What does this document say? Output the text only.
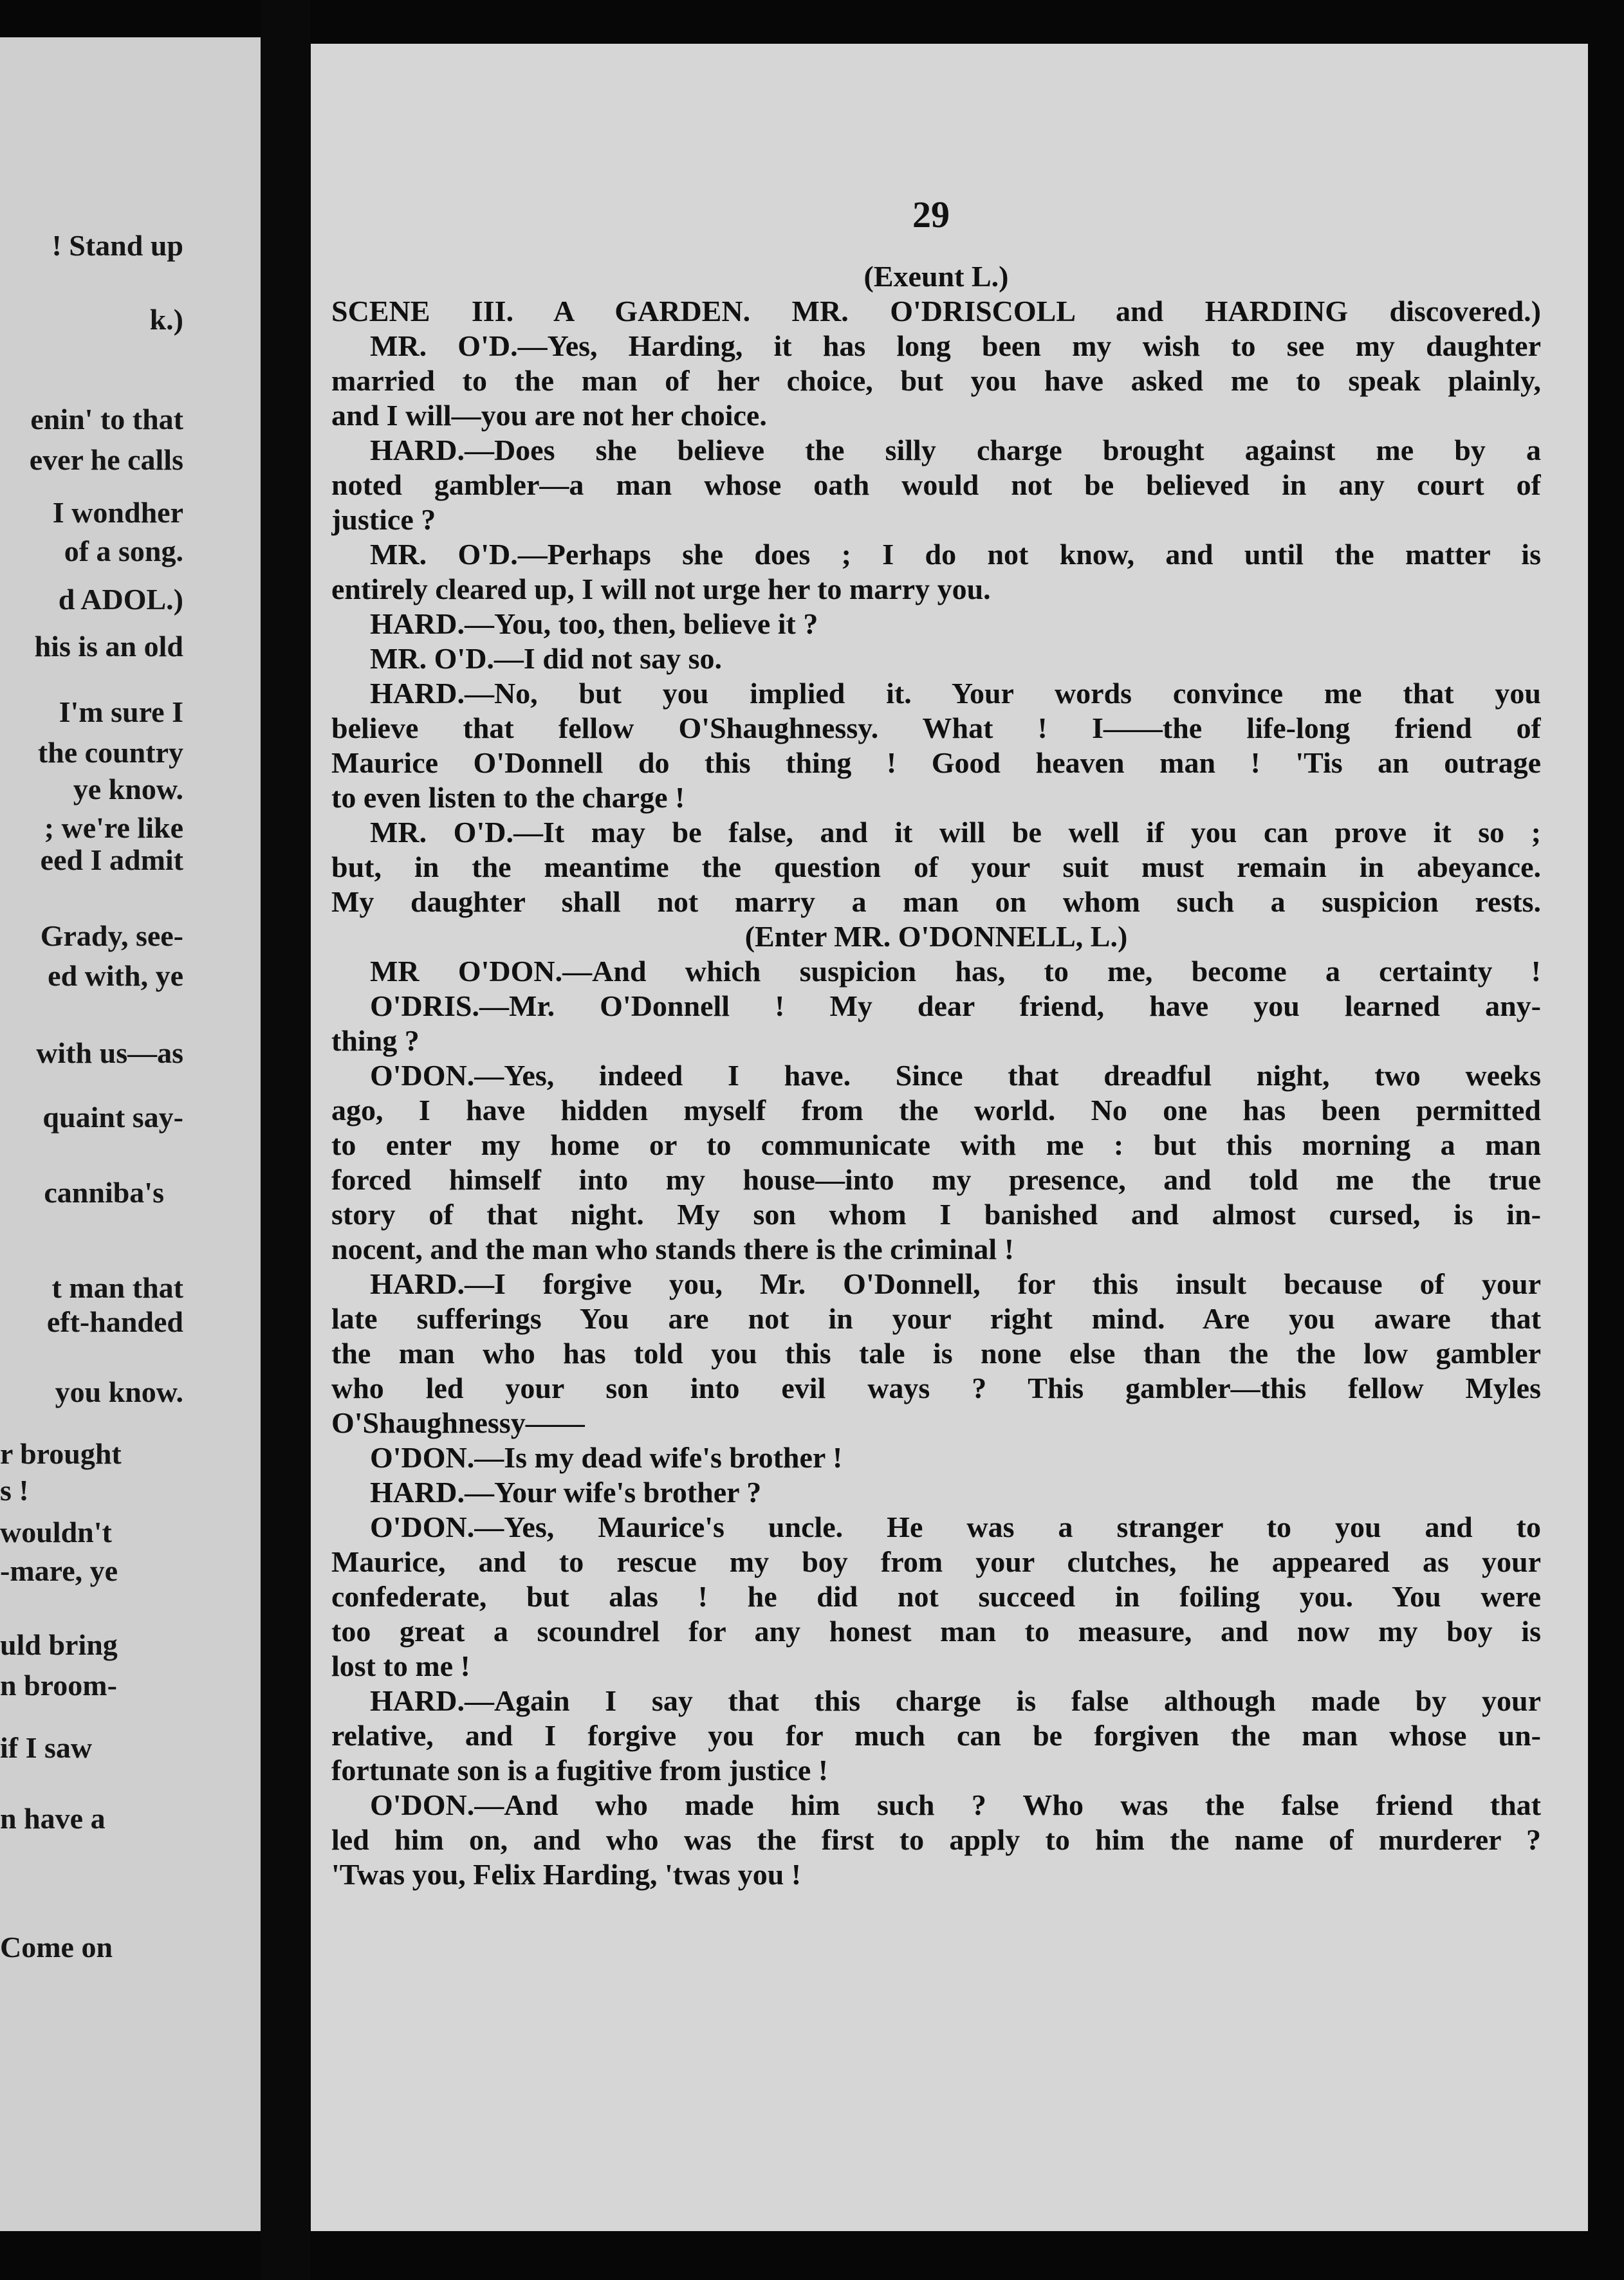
! Stand up
k.)
enin' to that
ever he calls
I wondher
of a song.
d ADOL.)
his is an old
I'm sure I
the country
ye know.
; we're like
eed I admit
Grady, see-
ed with, ye
with us—as
quaint say-
canniba's
t man that
eft-handed
you know.
r brought
s !
wouldn't
-mare, ye
uld bring
n broom-
if I saw
n have a
Come on
29
(Exeunt L.)
SCENE III. A GARDEN. MR. O'DRISCOLL and HARDING discovered.)
MR. O'D.—Yes, Harding, it has long been my wish to see my daughter
married to the man of her choice, but you have asked me to speak plainly,
and I will—you are not her choice.
HARD.—Does she believe the silly charge brought against me by a
noted gambler—a man whose oath would not be believed in any court of
justice ?
MR. O'D.—Perhaps she does ; I do not know, and until the matter is
entirely cleared up, I will not urge her to marry you.
HARD.—You, too, then, believe it ?
MR. O'D.—I did not say so.
HARD.—No, but you implied it. Your words convince me that you
believe that fellow O'Shaughnessy. What ! I——the life-long friend of
Maurice O'Donnell do this thing ! Good heaven man ! 'Tis an outrage
to even listen to the charge !
MR. O'D.—It may be false, and it will be well if you can prove it so ;
but, in the meantime the question of your suit must remain in abeyance.
My daughter shall not marry a man on whom such a suspicion rests.
(Enter MR. O'DONNELL, L.)
MR O'DON.—And which suspicion has, to me, become a certainty !
O'DRIS.—Mr. O'Donnell ! My dear friend, have you learned any-
thing ?
O'DON.—Yes, indeed I have. Since that dreadful night, two weeks
ago, I have hidden myself from the world. No one has been permitted
to enter my home or to communicate with me : but this morning a man
forced himself into my house—into my presence, and told me the true
story of that night. My son whom I banished and almost cursed, is in-
nocent, and the man who stands there is the criminal !
HARD.—I forgive you, Mr. O'Donnell, for this insult because of your
late sufferings You are not in your right mind. Are you aware that
the man who has told you this tale is none else than the the low gambler
who led your son into evil ways ? This gambler—this fellow Myles
O'Shaughnessy——
O'DON.—Is my dead wife's brother !
HARD.—Your wife's brother ?
O'DON.—Yes, Maurice's uncle. He was a stranger to you and to
Maurice, and to rescue my boy from your clutches, he appeared as your
confederate, but alas ! he did not succeed in foiling you. You were
too great a scoundrel for any honest man to measure, and now my boy is
lost to me !
HARD.—Again I say that this charge is false although made by your
relative, and I forgive you for much can be forgiven the man whose un-
fortunate son is a fugitive from justice !
O'DON.—And who made him such ? Who was the false friend that
led him on, and who was the first to apply to him the name of murderer ?
'Twas you, Felix Harding, 'twas you !
